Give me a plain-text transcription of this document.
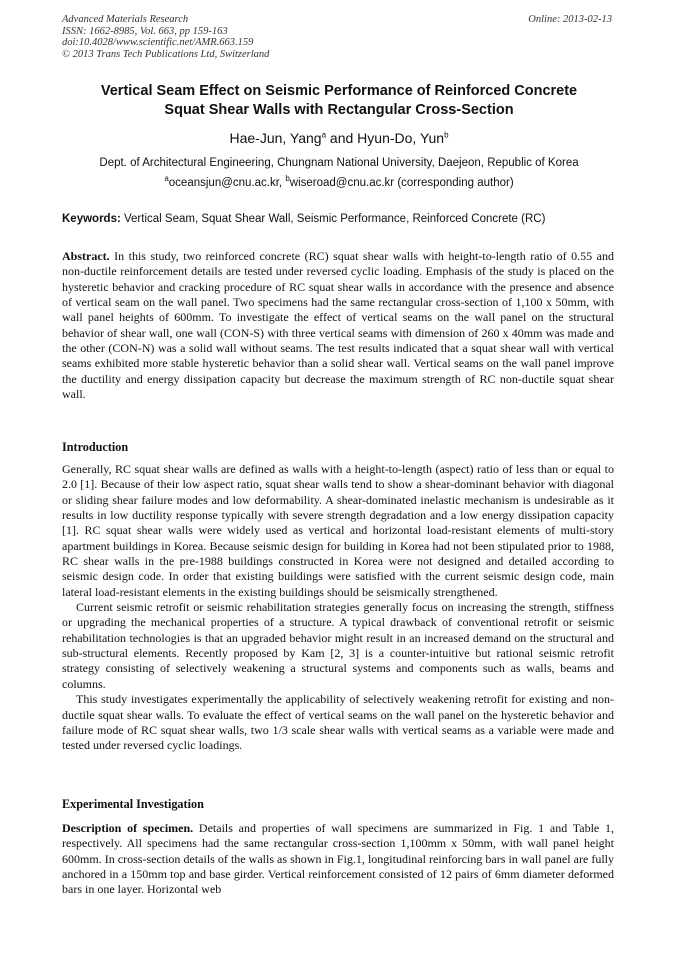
Advanced Materials Research
ISSN: 1662-8985, Vol. 663, pp 159-163
doi:10.4028/www.scientific.net/AMR.663.159
© 2013 Trans Tech Publications Ltd, Switzerland
Online: 2013-02-13
Vertical Seam Effect on Seismic Performance of Reinforced Concrete
Squat Shear Walls with Rectangular Cross-Section
Hae-Jun, Yang$^a$ and Hyun-Do, Yun$^b$
Dept. of Architectural Engineering, Chungnam National University, Daejeon, Republic of Korea
$^a$oceansjun@cnu.ac.kr, $^b$wiseroad@cnu.ac.kr (corresponding author)
Keywords: Vertical Seam, Squat Shear Wall, Seismic Performance, Reinforced Concrete (RC)

Abstract. In this study, two reinforced concrete (RC) squat shear walls with height-to-length ratio of 0.55 and non-ductile reinforcement details are tested under reversed cyclic loading. Emphasis of the study is placed on the hysteretic behavior and cracking procedure of RC squat shear walls in accordance with the presence and absence of vertical seam on the wall panel. Two specimens had the same rectangular cross-section of 1,100 x 50mm, with wall panel heights of 600mm. To investigate the effect of vertical seams on the wall panel on the structural behavior of shear wall, one wall (CON-S) with three vertical seams with dimension of 260 x 40mm was made and the other (CON-N) was a solid wall without seams. The test results indicated that a squat shear wall with vertical seams exhibited more stable hysteretic behavior than a solid shear wall. Vertical seams on the wall panel improve the ductility and energy dissipation capacity but decrease the maximum strength of RC non-ductile squat shear wall.

Introduction

Generally, RC squat shear walls are defined as walls with a height-to-length (aspect) ratio of less than or equal to 2.0 [1]. Because of their low aspect ratio, squat shear walls tend to show a shear-dominant behavior with diagonal or sliding shear failure modes and low deformability. A shear-dominated inelastic mechanism is undesirable as it results in low ductility response typically with severe strength degradation and a low energy dissipation capacity [1]. RC squat shear walls were widely used as vertical and horizontal load-resistant elements of multi-story apartment buildings in Korea. Because seismic design for building in Korea had not been stipulated prior to 1988, RC shear walls in the pre-1988 buildings constructed in Korea were not designed and detailed according to seismic design code. In order that existing buildings were satisfied with the current seismic design code, main lateral load-resistant elements in the existing buildings should be seismically strengthened.

Current seismic retrofit or seismic rehabilitation strategies generally focus on increasing the strength, stiffness or upgrading the mechanical properties of a structure. A typical drawback of conventional retrofit or seismic rehabilitation technologies is that an upgraded behavior might result in an increased demand on the structural and sub-structural elements. Recently proposed by Kam [2, 3] is a counter-intuitive but rational seismic retrofit strategy consisting of selectively weakening a structural systems and components such as walls, beams and columns.

This study investigates experimentally the applicability of selectively weakening retrofit for existing and non-ductile squat shear walls. To evaluate the effect of vertical seams on the wall panel on the hysteretic behavior and failure mode of RC squat shear walls, two 1/3 scale shear walls with vertical seams as a variable were made and tested under reversed cyclic loadings.

Experimental Investigation

Description of specimen. Details and properties of wall specimens are summarized in Fig. 1 and Table 1, respectively. All specimens had the same rectangular cross-section 1,100mm x 50mm, with wall panel height 600mm. In cross-section details of the walls as shown in Fig.1, longitudinal reinforcing bars in wall panel are fully anchored in a 150mm top and base girder. Vertical reinforcement consisted of 12 pairs of 6mm diameter deformed bars in one layer. Horizontal web
